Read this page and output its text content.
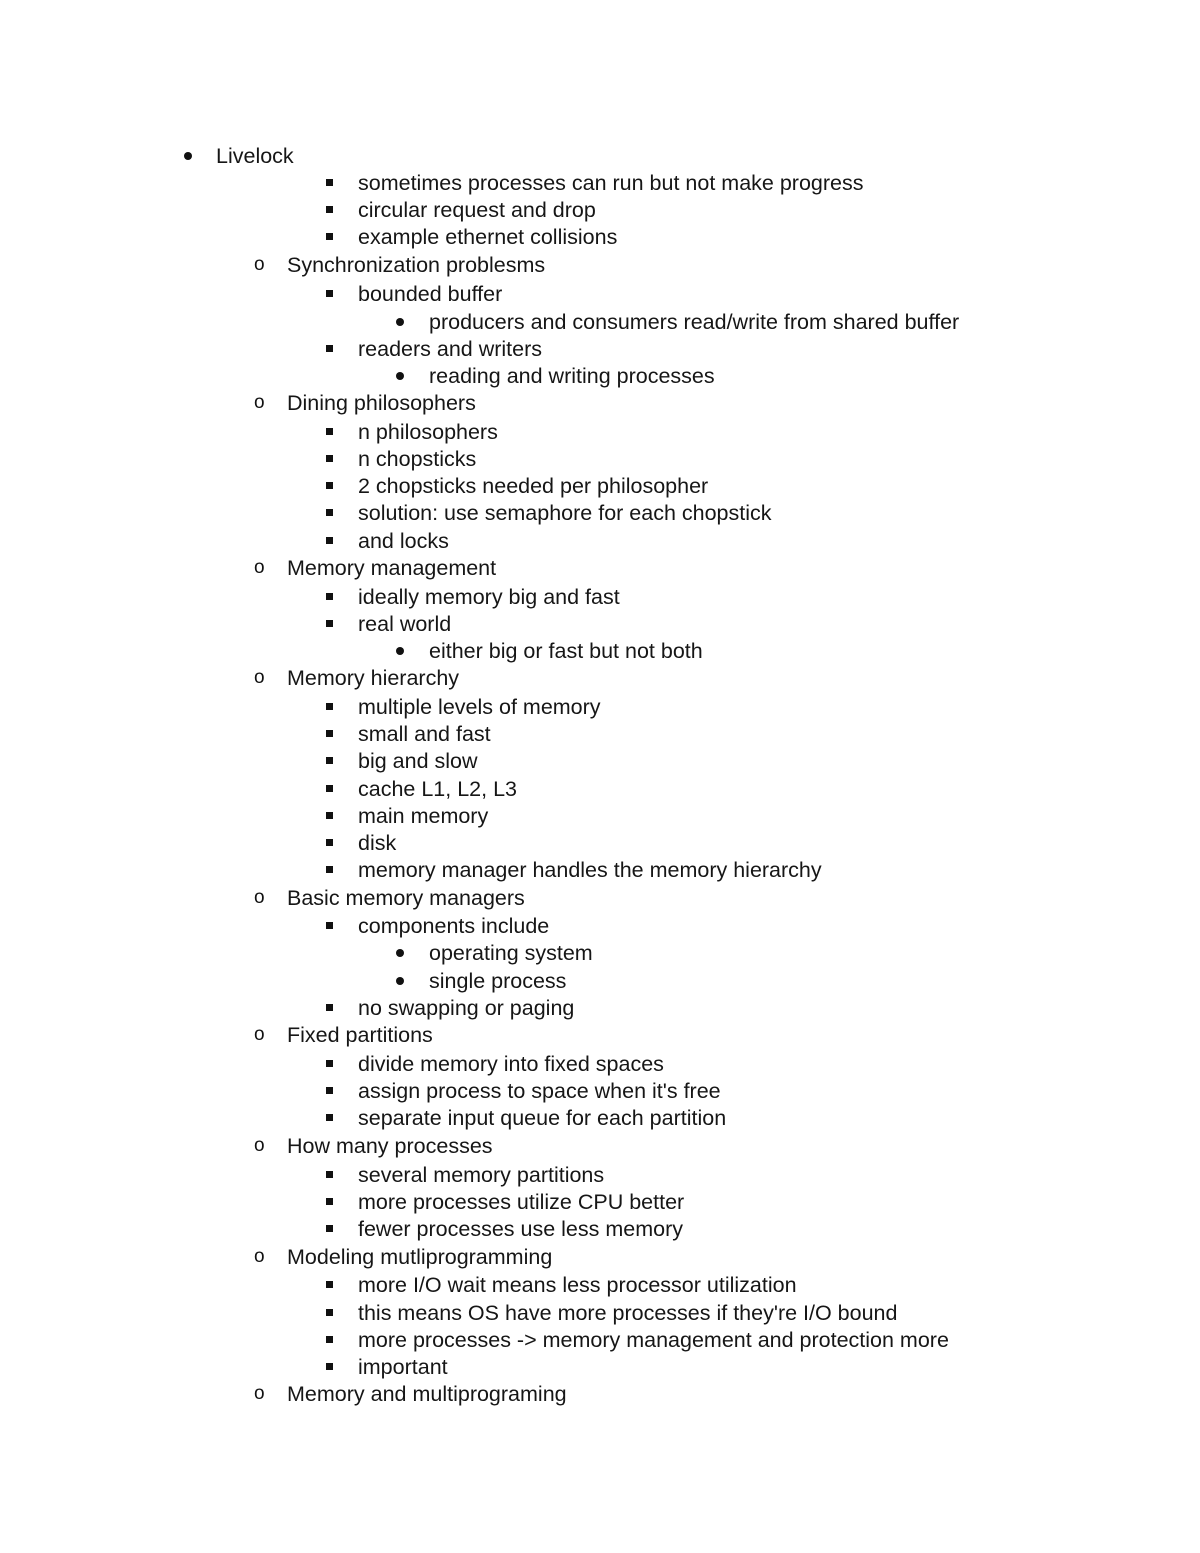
Livelock
sometimes processes can run but not make progress
circular request and drop
example ethernet collisions
o Synchronization problesms
bounded buffer
producers and consumers read/write from shared buffer
readers and writers
reading and writing processes
o Dining philosophers
n philosophers
n chopsticks
2 chopsticks needed per philosopher
solution: use semaphore for each chopstick
and locks
o Memory management
ideally memory big and fast
real world
either big or fast but not both
o Memory hierarchy
multiple levels of memory
small and fast
big and slow
cache L1, L2, L3
main memory
disk
memory manager handles the memory hierarchy
o Basic memory managers
components include
operating system
single process
no swapping or paging
o Fixed partitions
divide memory into fixed spaces
assign process to space when it's free
separate input queue for each partition
o How many processes
several memory partitions
more processes utilize CPU better
fewer processes use less memory
o Modeling mutliprogramming
more I/O wait means less processor utilization
this means OS have more processes if they're I/O bound
more processes -> memory management and protection more
important
o Memory and multiprograming
